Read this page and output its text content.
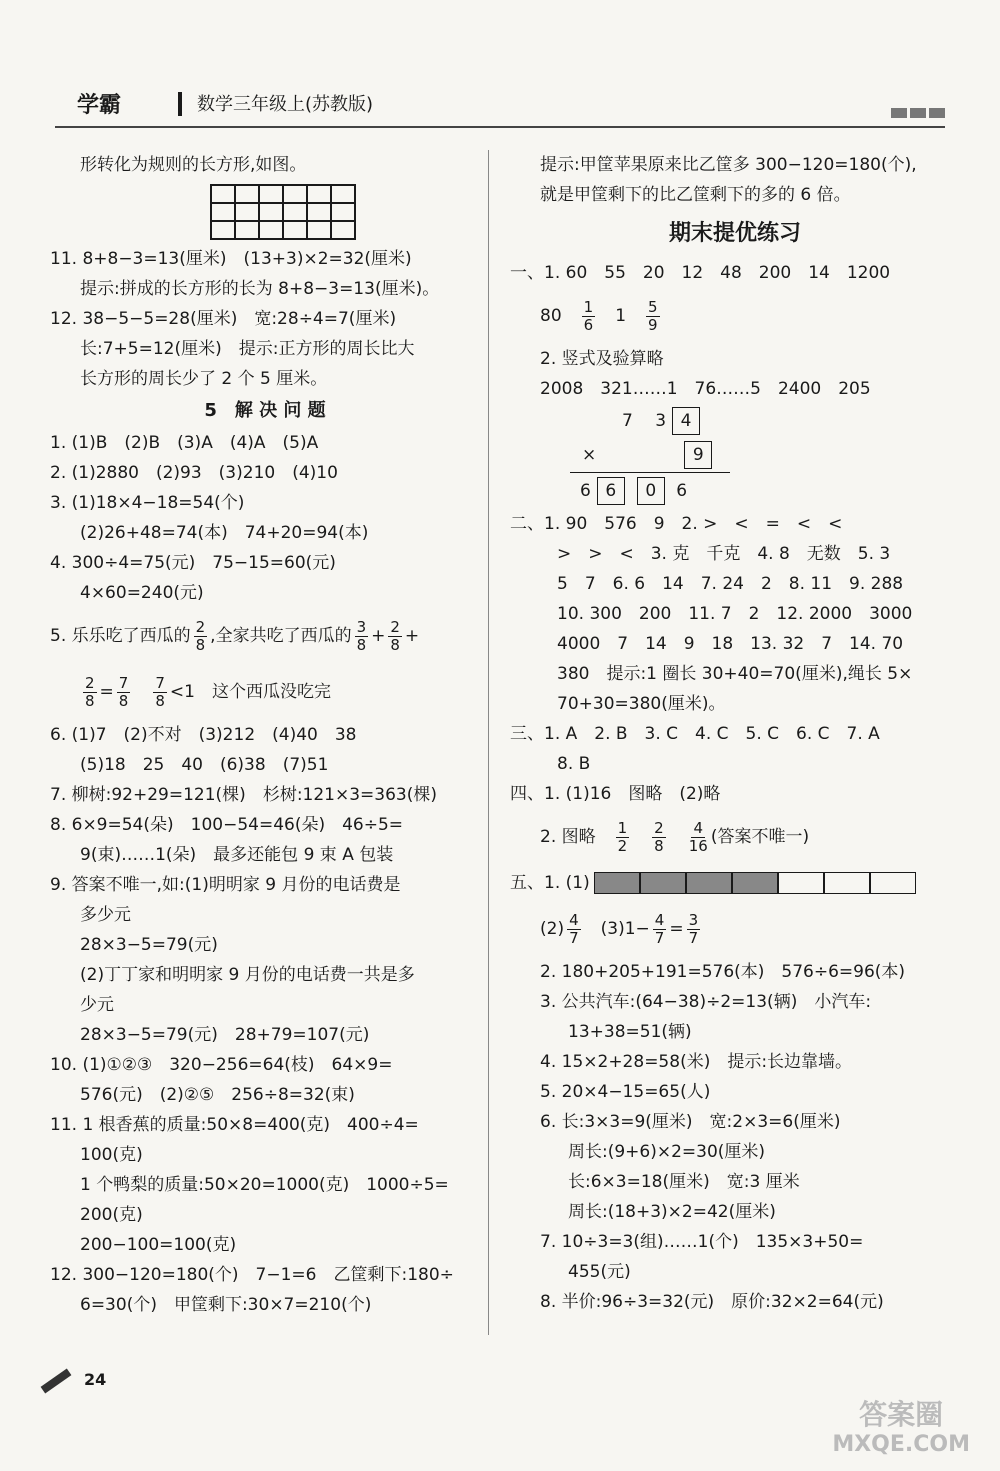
学霸	数学三年级上(苏教版)
形转化为规则的长方形,如图。
11. 8+8−3=13(厘米)　(13+3)×2=32(厘米)
提示:拼成的长方形的长为 8+8−3=13(厘米)。
12. 38−5−5=28(厘米)　宽:28÷4=7(厘米)
长:7+5=12(厘米)　提示:正方形的周长比大
长方形的周长少了 2 个 5 厘米。
5　解 决 问 题
1. (1)B　(2)B　(3)A　(4)A　(5)A
2. (1)2880　(2)93　(3)210　(4)10
3. (1)18×4−18=54(个)
(2)26+48=74(本)　74+20=94(本)
4. 300÷4=75(元)　75−15=60(元)
4×60=240(元)
5. 乐乐吃了西瓜的 $\frac{2}{8}$ ,全家共吃了西瓜的 $\frac{3}{8} + \frac{2}{8}$ +
$\frac{2}{8} = \frac{7}{8}$
　 $\frac{7}{8} <1$　 这个西瓜没吃完
6. (1)7　(2)不对　(3)212　(4)40　38
(5)18　25　40　(6)38　(7)51
7. 柳树:92+29=121(棵)　杉树:121×3=363(棵)
8. 6×9=54(朵)　100−54=46(朵)　46÷5=
9(束)……1(朵)　最多还能包 9 束 A 包装
9. 答案不唯一,如:(1)明明家 9 月份的电话费是
多少元
28×3−5=79(元)
(2)丁丁家和明明家 9 月份的电话费一共是多
少元
28×3−5=79(元)　28+79=107(元)
10. (1)①②③　320−256=64(枝)　64×9=
576(元)　(2)②⑤　256÷8=32(束)
11. 1 根香蕉的质量:50×8=400(克)　400÷4=
100(克)
1 个鸭梨的质量:50×20=1000(克)　1000÷5=
200(克)
200−100=100(克)
12. 300−120=180(个)　7−1=6　乙筐剩下:180÷
6=30(个)　甲筐剩下:30×7=210(个)
提示:甲筐苹果原来比乙筐多 300−120=180(个),
就是甲筐剩下的比乙筐剩下的多的 6 倍。
期末提优练习
一、1. 60　55　20　12　48　200　14　1200
80　 $\frac{1}{6}$
　 1　 $\frac{5}{9}$
2. 竖式及验算略
2008　321……1　76……5　2400　205
7　 3 4
×	9
6 6 0 6
二、1. 90　576　9　2. >　<　=　<　<
　>　>　<　3. 克　千克　4. 8　无数　5. 3
　5　7　6. 6　14　7. 24　2　8. 11　9. 288
　10. 300　200　11. 7　2　12. 2000　3000
　4000　7　14　9　18　13. 32　7　14. 70
　380　提示:1 圈长 30+40=70(厘米),绳长 5×
　70+30=380(厘米)。
三、1. A　2. B　3. C　4. C　5. C　6. C　7. A
　8. B
四、1. (1)16　图略　(2)略
2. 图略　 $\frac{1}{2}$
　 $\frac{2}{8}$
　 $\frac{4}{16}$ (答案不唯一)
五、1. (1)
$(2) \frac{4}{7}$
　 $(3)1- \frac{4}{7} = \frac{3}{7}$
2. 180+205+191=576(本)　576÷6=96(本)
3. 公共汽车:(64−38)÷2=13(辆)　小汽车:
13+38=51(辆)
4. 15×2+28=58(米)　提示:长边靠墙。
5. 20×4−15=65(人)
6. 长:3×3=9(厘米)　宽:2×3=6(厘米)
周长:(9+6)×2=30(厘米)
长:6×3=18(厘米)　宽:3 厘米
周长:(18+3)×2=42(厘米)
7. 10÷3=3(组)……1(个)　135×3+50=
455(元)
8. 半价:96÷3=32(元)　原价:32×2=64(元)
24
答案圈
MXQE.COM
